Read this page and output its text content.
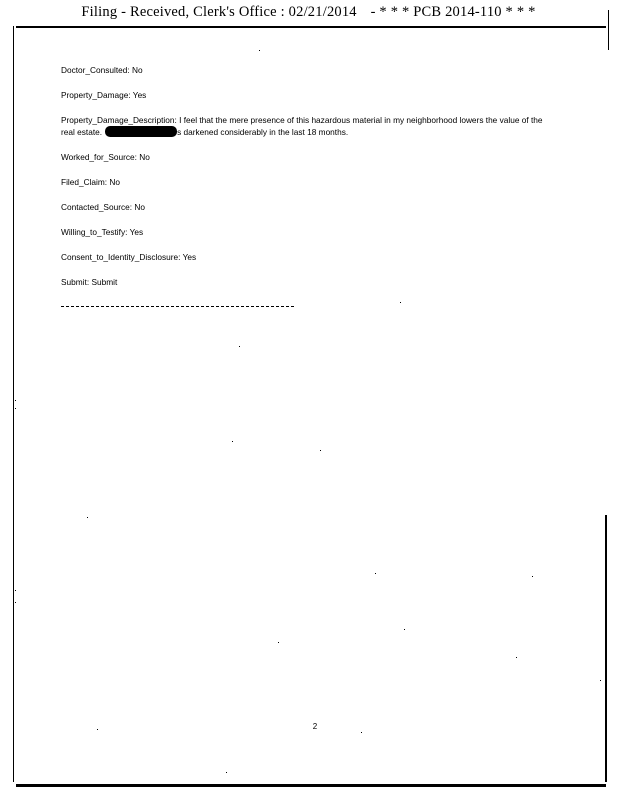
Filing - Received, Clerk's Office : 02/21/2014 - * * * PCB 2014-110 * * *
Doctor_Consulted: No
Property_Damage: Yes
Property_Damage_Description: I feel that the mere presence of this hazardous material in my neighborhood lowers the value of the real estate.	s darkened considerably in the last 18 months.
Worked_for_Source: No
Filed_Claim: No
Contacted_Source: No
Willing_to_Testify: Yes
Consent_to_Identity_Disclosure: Yes
Submit: Submit
2
